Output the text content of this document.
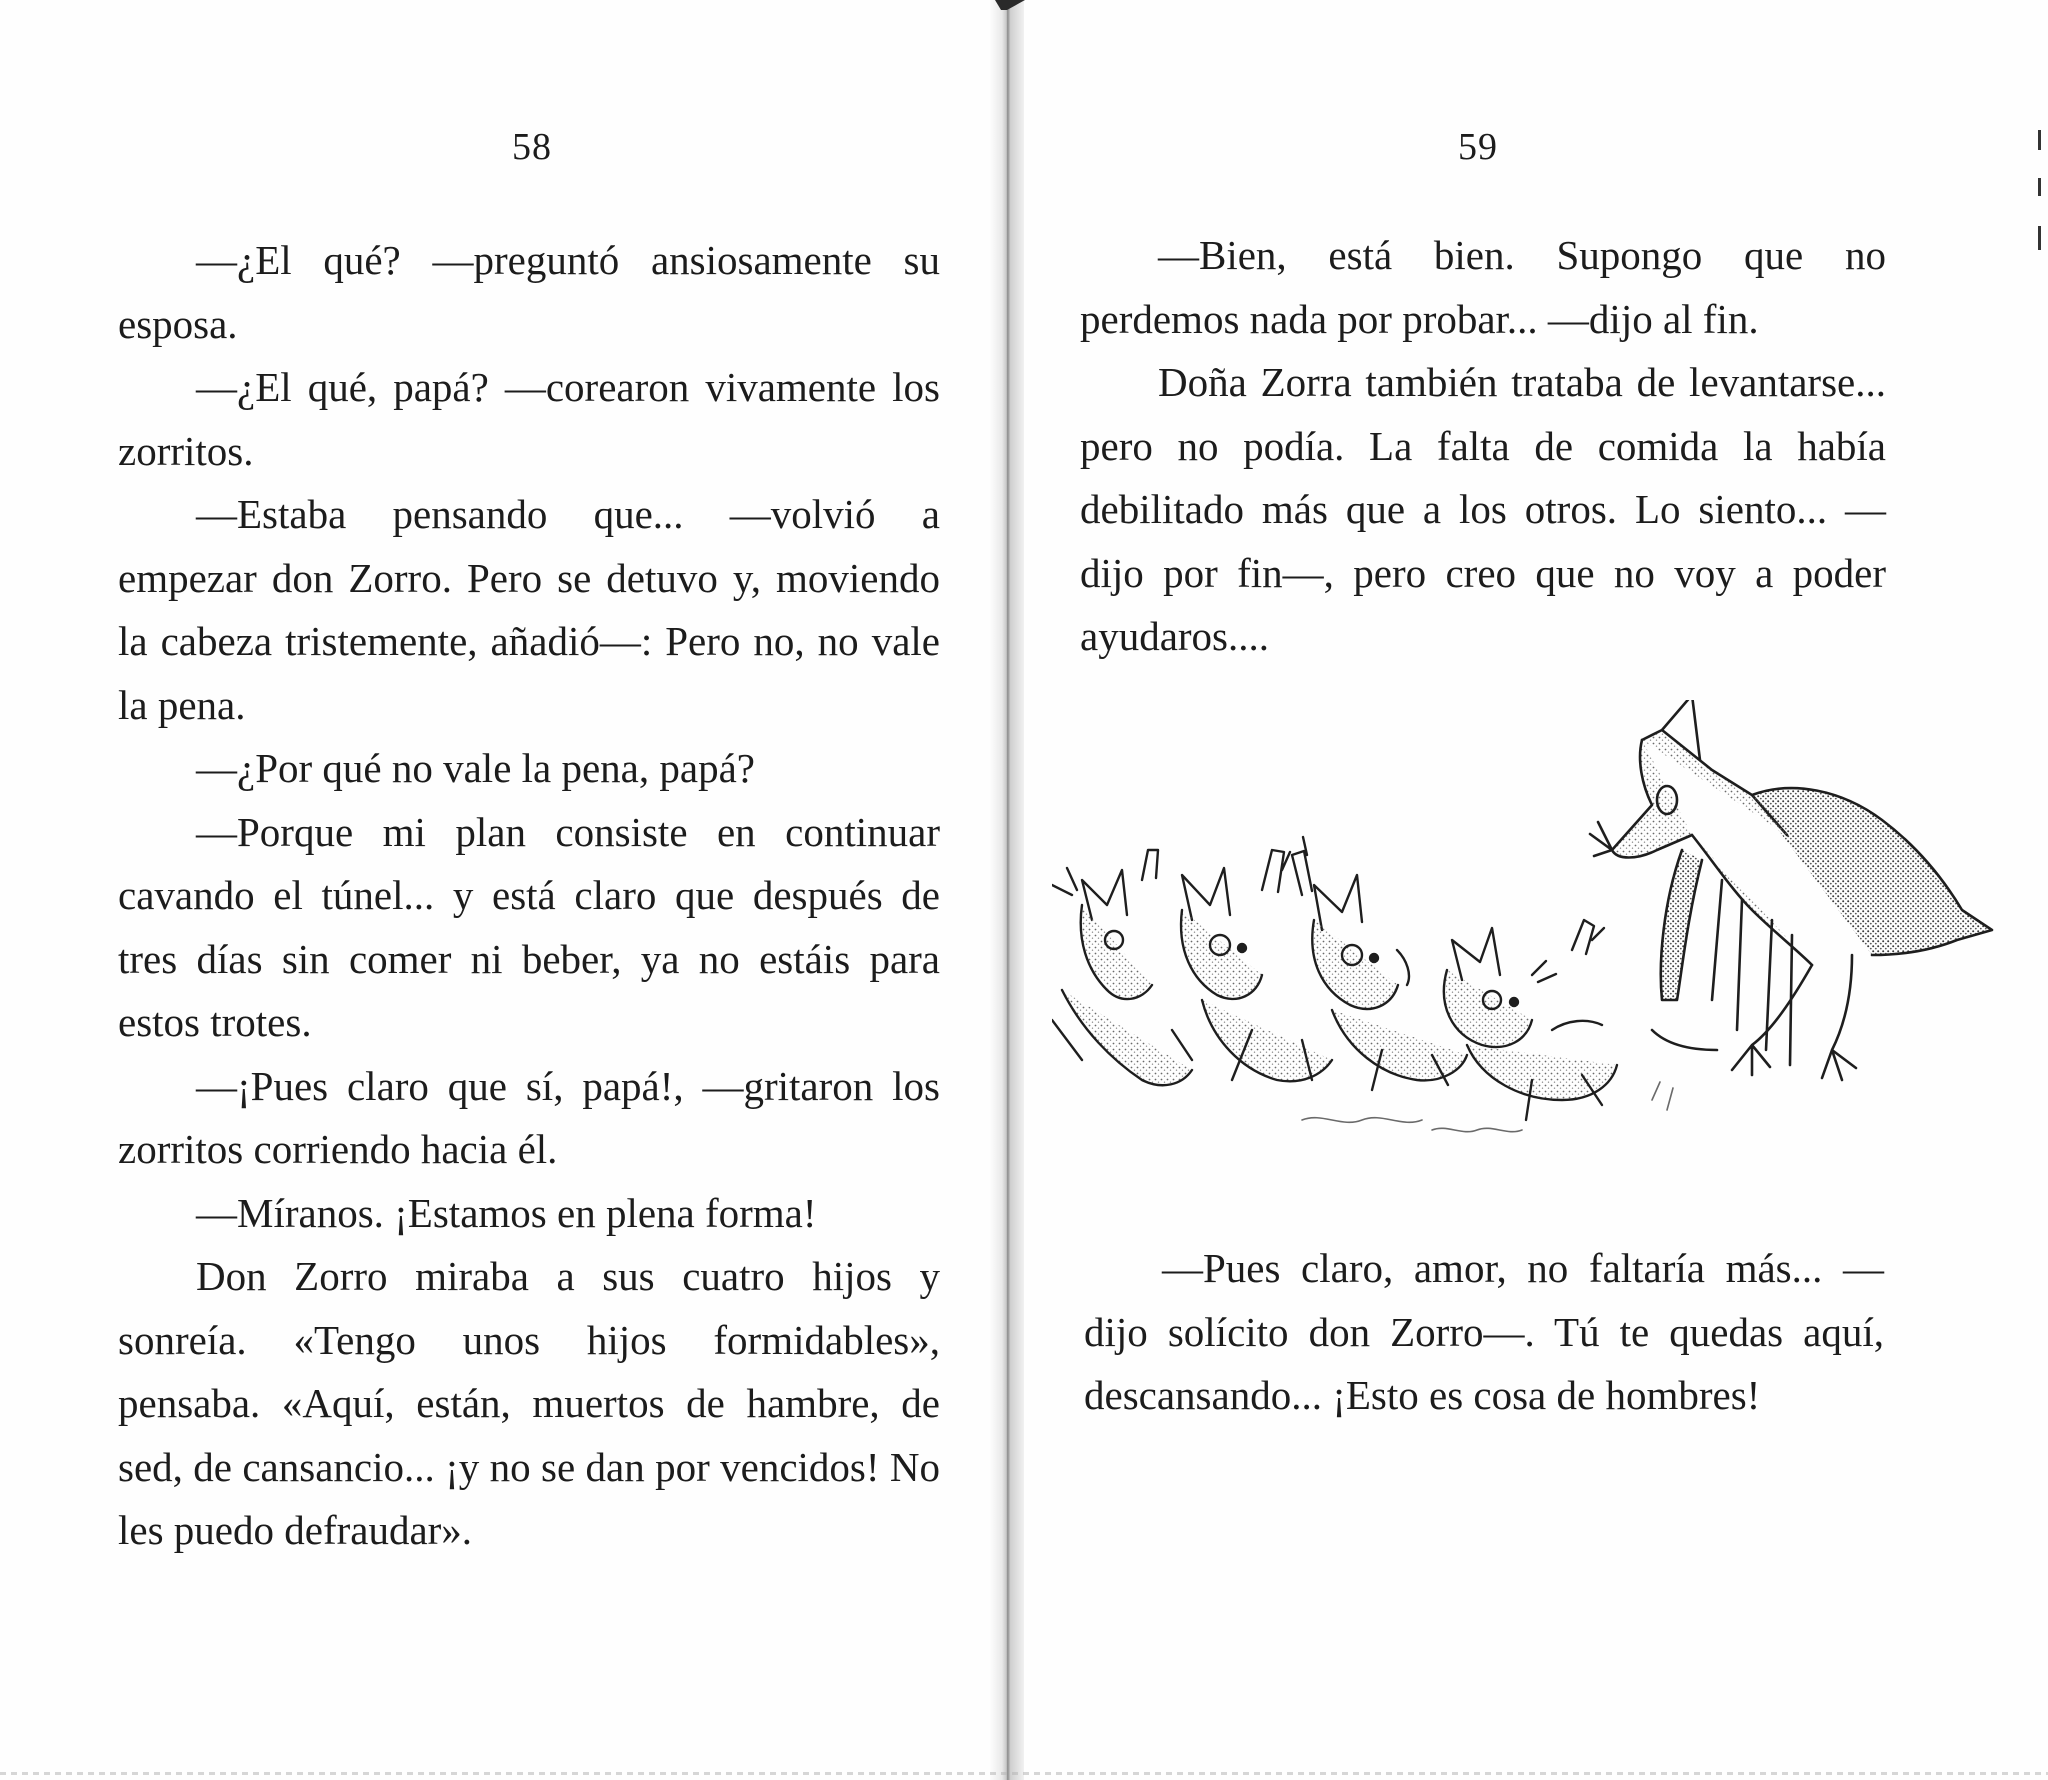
58

—¿El qué? —preguntó ansiosamente su esposa.

—¿El qué, papá? —corearon vivamente los zorritos.

—Estaba pensando que... —volvió a empezar don Zorro. Pero se detuvo y, moviendo la cabeza tristemente, añadió—: Pero no, no vale la pena.

—¿Por qué no vale la pena, papá?

—Porque mi plan consiste en continuar cavando el túnel... y está claro que después de tres días sin comer ni beber, ya no estáis para estos trotes.

—¡Pues claro que sí, papá!, —gritaron los zorritos corriendo hacia él.

—Míranos. ¡Estamos en plena forma!

Don Zorro miraba a sus cuatro hijos y sonreía. «Tengo unos hijos formidables», pensaba. «Aquí, están, muertos de hambre, de sed, de cansancio... ¡y no se dan por vencidos! No les puedo defraudar».

59

—Bien, está bien. Supongo que no perdemos nada por probar... —dijo al fin.

Doña Zorra también trataba de levantarse... pero no podía. La falta de comida la había debilitado más que a los otros. Lo siento... —dijo por fin—, pero creo que no voy a poder ayudaros....

—Pues claro, amor, no faltaría más... —dijo solícito don Zorro—. Tú te quedas aquí, descansando... ¡Esto es cosa de hombres!
